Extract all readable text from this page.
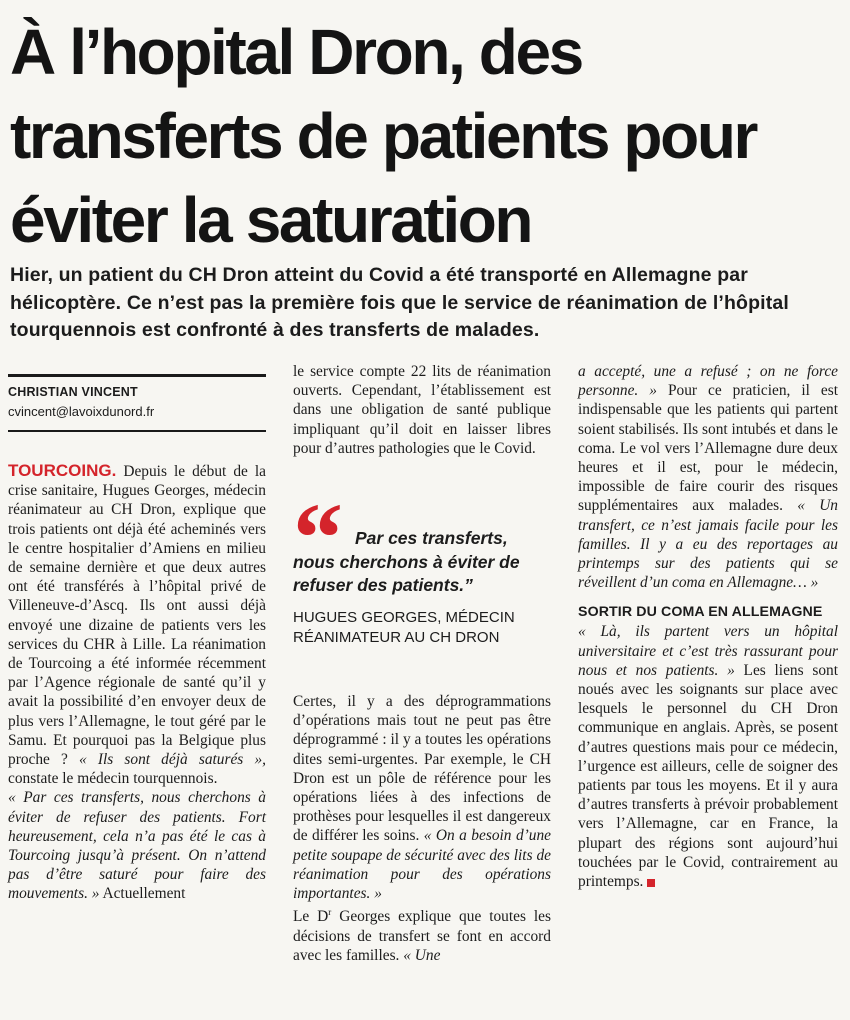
À l’hopital Dron, des transferts de patients pour éviter la saturation

Hier, un patient du CH Dron atteint du Covid a été transporté en Allemagne par hélicoptère. Ce n’est pas la première fois que le service de réanimation de l’hôpital tourquennois est confronté à des transferts de malades.

CHRISTIAN VINCENT
cvincent@lavoixdunord.fr

TOURCOING. Depuis le début de la crise sanitaire, Hugues Georges, médecin réanimateur au CH Dron, explique que trois patients ont déjà été acheminés vers le centre hospitalier d’Amiens en milieu de semaine dernière et que deux autres ont été transférés à l’hôpital privé de Villeneuve-d’Ascq. Ils ont aussi déjà envoyé une dizaine de patients vers les services du CHR à Lille. La réanimation de Tourcoing a été informée récemment par l’Agence régionale de santé qu’il y avait la possibilité d’en envoyer deux de plus vers l’Allemagne, le tout géré par le Samu. Et pourquoi pas la Belgique plus proche ? « Ils sont déjà saturés », constate le médecin tourquennois.

« Par ces transferts, nous cherchons à éviter de refuser des patients. Fort heureusement, cela n’a pas été le cas à Tourcoing jusqu’à présent. On n’attend pas d’être saturé pour faire des mouvements. » Actuellement

le service compte 22 lits de réanimation ouverts. Cependant, l’établissement est dans une obligation de santé publique impliquant qu’il doit en laisser libres pour d’autres pathologies que le Covid.

“ Par ces transferts,
nous cherchons à éviter de refuser des patients.”

HUGUES GEORGES, MÉDECIN RÉANIMATEUR AU CH DRON

Certes, il y a des déprogrammations d’opérations mais tout ne peut pas être déprogrammé : il y a toutes les opérations dites semi-urgentes. Par exemple, le CH Dron est un pôle de référence pour les opérations liées à des infections de prothèses pour lesquelles il est dangereux de différer les soins. « On a besoin d’une petite soupape de sécurité avec des lits de réanimation pour des opérations importantes. »

Le $D^r$ Georges explique que toutes les décisions de transfert se font en accord avec les familles. « Une

a accepté, une a refusé ; on ne force personne. » Pour ce praticien, il est indispensable que les patients qui partent soient stabilisés. Ils sont intubés et dans le coma. Le vol vers l’Allemagne dure deux heures et il est, pour le médecin, impossible de faire courir des risques supplémentaires aux malades. « Un transfert, ce n’est jamais facile pour les familles. Il y a eu des reportages au printemps sur des patients qui se réveillent d’un coma en Allemagne… »

SORTIR DU COMA EN ALLEMAGNE

« Là, ils partent vers un hôpital universitaire et c’est très rassurant pour nous et nos patients. » Les liens sont noués avec les soignants sur place avec lesquels le personnel du CH Dron communique en anglais. Après, se posent d’autres questions mais pour ce médecin, l’urgence est ailleurs, celle de soigner des patients par tous les moyens. Et il y aura d’autres transferts à prévoir probablement vers l’Allemagne, car en France, la plupart des régions sont aujourd’hui touchées par le Covid, contrairement au printemps.
